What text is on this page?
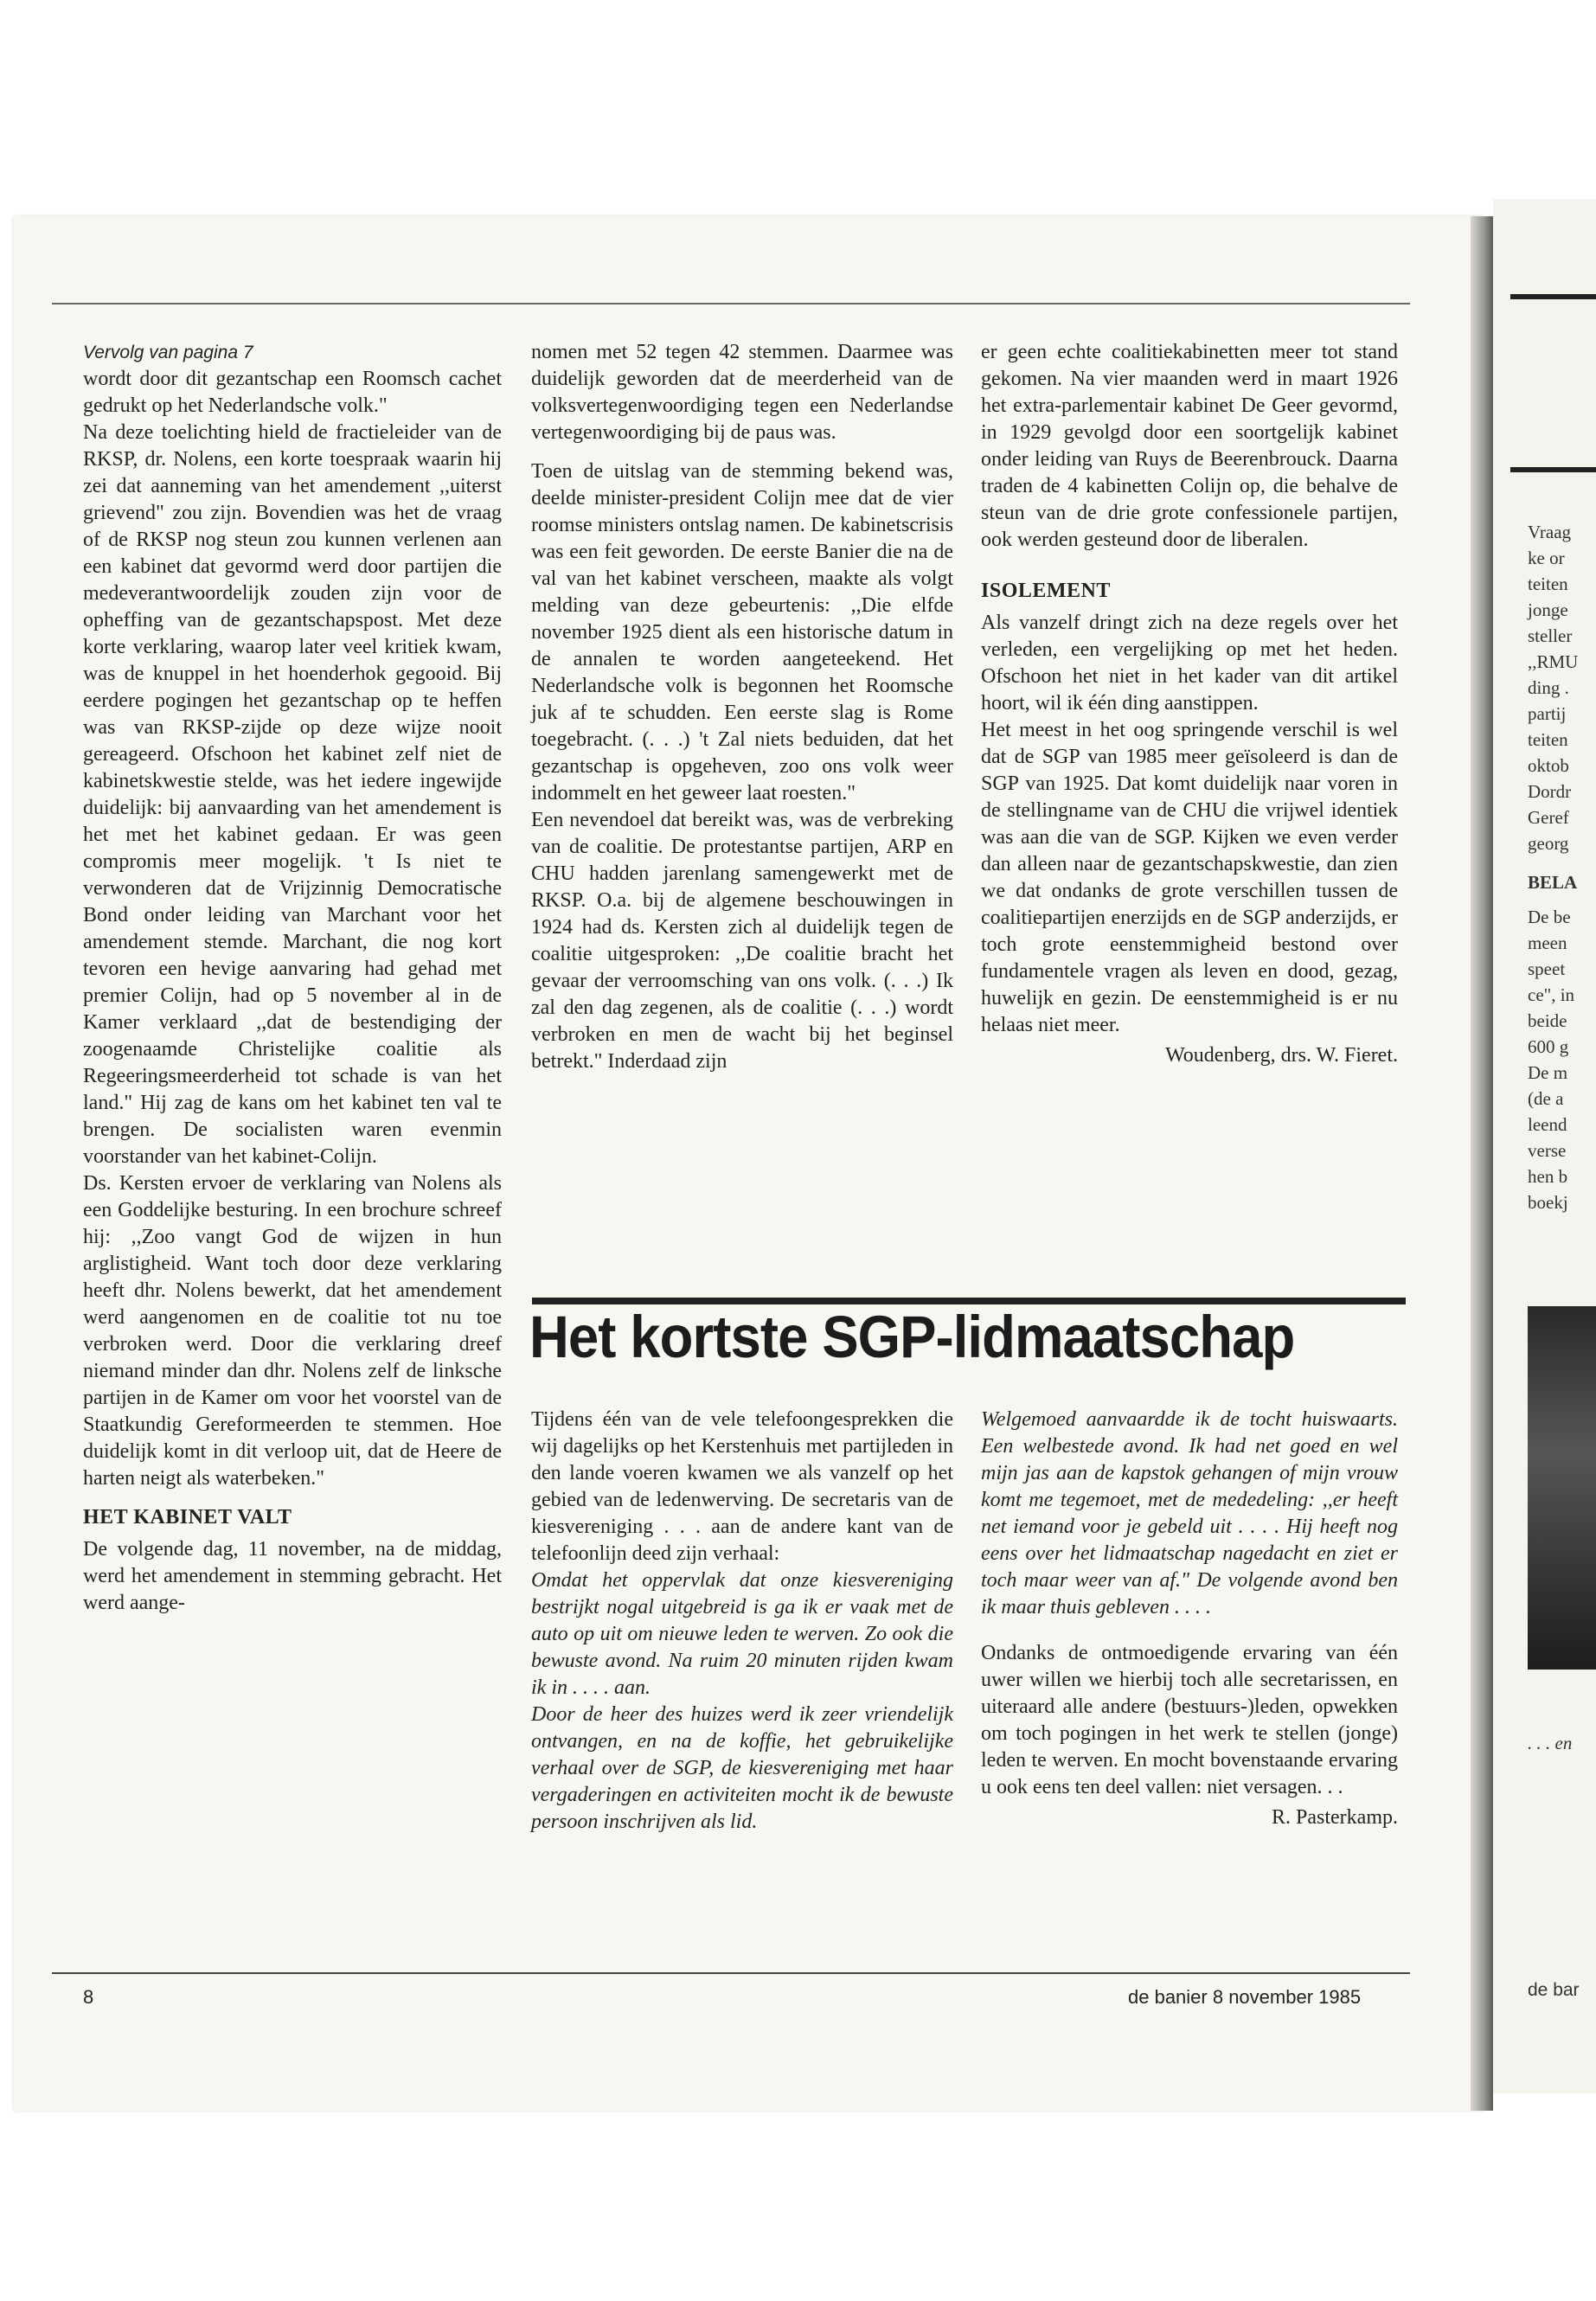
Vraag
ke or
teiten
jonge
steller
,,RMU
ding .
partij
teiten
oktob
Dordr
Geref
georg
BELA
De be
meen
speet
ce", in
beide
600 g
De m
(de a
leend
verse
hen b
boekj
. . . en
de bar

Vervolg van pagina 7

wordt door dit gezantschap een Roomsch cachet gedrukt op het Nederlandsche volk."

Na deze toelichting hield de fractieleider van de RKSP, dr. Nolens, een korte toespraak waarin hij zei dat aanneming van het amendement ,,uiterst grievend" zou zijn. Bovendien was het de vraag of de RKSP nog steun zou kunnen verlenen aan een kabinet dat gevormd werd door partijen die medeverantwoordelijk zouden zijn voor de opheffing van de gezantschapspost. Met deze korte verklaring, waarop later veel kritiek kwam, was de knuppel in het hoenderhok gegooid. Bij eerdere pogingen het gezantschap op te heffen was van RKSP-zijde op deze wijze nooit gereageerd. Ofschoon het kabinet zelf niet de kabinetskwestie stelde, was het iedere ingewijde duidelijk: bij aanvaarding van het amendement is het met het kabinet gedaan. Er was geen compromis meer mogelijk. 't Is niet te verwonderen dat de Vrijzinnig Democratische Bond onder leiding van Marchant voor het amendement stemde. Marchant, die nog kort tevoren een hevige aanvaring had gehad met premier Colijn, had op 5 november al in de Kamer verklaard ,,dat de bestendiging der zoogenaamde Christelijke coalitie als Regeeringsmeerderheid tot schade is van het land." Hij zag de kans om het kabinet ten val te brengen. De socialisten waren evenmin voorstander van het kabinet-Colijn.

Ds. Kersten ervoer de verklaring van Nolens als een Goddelijke besturing. In een brochure schreef hij: ,,Zoo vangt God de wijzen in hun arglistigheid. Want toch door deze verklaring heeft dhr. Nolens bewerkt, dat het amendement werd aangenomen en de coalitie tot nu toe verbroken werd. Door die verklaring dreef niemand minder dan dhr. Nolens zelf de linksche partijen in de Kamer om voor het voorstel van de Staatkundig Gereformeerden te stemmen. Hoe duidelijk komt in dit verloop uit, dat de Heere de harten neigt als waterbeken."

HET KABINET VALT

De volgende dag, 11 november, na de middag, werd het amendement in stemming gebracht. Het werd aange-

nomen met 52 tegen 42 stemmen. Daarmee was duidelijk geworden dat de meerderheid van de volksvertegenwoordiging tegen een Nederlandse vertegenwoordiging bij de paus was.

Toen de uitslag van de stemming bekend was, deelde minister-president Colijn mee dat de vier roomse ministers ontslag namen. De kabinetscrisis was een feit geworden. De eerste Banier die na de val van het kabinet verscheen, maakte als volgt melding van deze gebeurtenis: ,,Die elfde november 1925 dient als een historische datum in de annalen te worden aangeteekend. Het Nederlandsche volk is begonnen het Roomsche juk af te schudden. Een eerste slag is Rome toegebracht. (. . .) 't Zal niets beduiden, dat het gezantschap is opgeheven, zoo ons volk weer indommelt en het geweer laat roesten."

Een nevendoel dat bereikt was, was de verbreking van de coalitie. De protestantse partijen, ARP en CHU hadden jarenlang samengewerkt met de RKSP. O.a. bij de algemene beschouwingen in 1924 had ds. Kersten zich al duidelijk tegen de coalitie uitgesproken: ,,De coalitie bracht het gevaar der verroomsching van ons volk. (. . .) Ik zal den dag zegenen, als de coalitie (. . .) wordt verbroken en men de wacht bij het beginsel betrekt." Inderdaad zijn

er geen echte coalitiekabinetten meer tot stand gekomen. Na vier maanden werd in maart 1926 het extra-parlementair kabinet De Geer gevormd, in 1929 gevolgd door een soortgelijk kabinet onder leiding van Ruys de Beerenbrouck. Daarna traden de 4 kabinetten Colijn op, die behalve de steun van de drie grote confessionele partijen, ook werden gesteund door de liberalen.

ISOLEMENT

Als vanzelf dringt zich na deze regels over het verleden, een vergelijking op met het heden. Ofschoon het niet in het kader van dit artikel hoort, wil ik één ding aanstippen.

Het meest in het oog springende verschil is wel dat de SGP van 1985 meer geïsoleerd is dan de SGP van 1925. Dat komt duidelijk naar voren in de stellingname van de CHU die vrijwel identiek was aan die van de SGP. Kijken we even verder dan alleen naar de gezantschapskwestie, dan zien we dat ondanks de grote verschillen tussen de coalitiepartijen enerzijds en de SGP anderzijds, er toch grote eenstemmigheid bestond over fundamentele vragen als leven en dood, gezag, huwelijk en gezin. De eenstemmigheid is er nu helaas niet meer.

Woudenberg, drs. W. Fieret.

Het kortste SGP-lidmaatschap

Tijdens één van de vele telefoongesprekken die wij dagelijks op het Kerstenhuis met partijleden in den lande voeren kwamen we als vanzelf op het gebied van de ledenwerving. De secretaris van de kiesvereniging . . . aan de andere kant van de telefoonlijn deed zijn verhaal:

Omdat het oppervlak dat onze kiesvereniging bestrijkt nogal uitgebreid is ga ik er vaak met de auto op uit om nieuwe leden te werven. Zo ook die bewuste avond. Na ruim 20 minuten rijden kwam ik in . . . . aan.

Door de heer des huizes werd ik zeer vriendelijk ontvangen, en na de koffie, het gebruikelijke verhaal over de SGP, de kiesvereniging met haar vergaderingen en activiteiten mocht ik de bewuste persoon inschrijven als lid.

Welgemoed aanvaardde ik de tocht huiswaarts. Een welbestede avond. Ik had net goed en wel mijn jas aan de kapstok gehangen of mijn vrouw komt me tegemoet, met de mededeling: ,,er heeft net iemand voor je gebeld uit . . . . Hij heeft nog eens over het lidmaatschap nagedacht en ziet er toch maar weer van af." De volgende avond ben ik maar thuis gebleven . . . .

Ondanks de ontmoedigende ervaring van één uwer willen we hierbij toch alle secretarissen, en uiteraard alle andere (bestuurs-)leden, opwekken om toch pogingen in het werk te stellen (jonge) leden te werven. En mocht bovenstaande ervaring u ook eens ten deel vallen: niet versagen. . .

R. Pasterkamp.

8	de banier 8 november 1985
